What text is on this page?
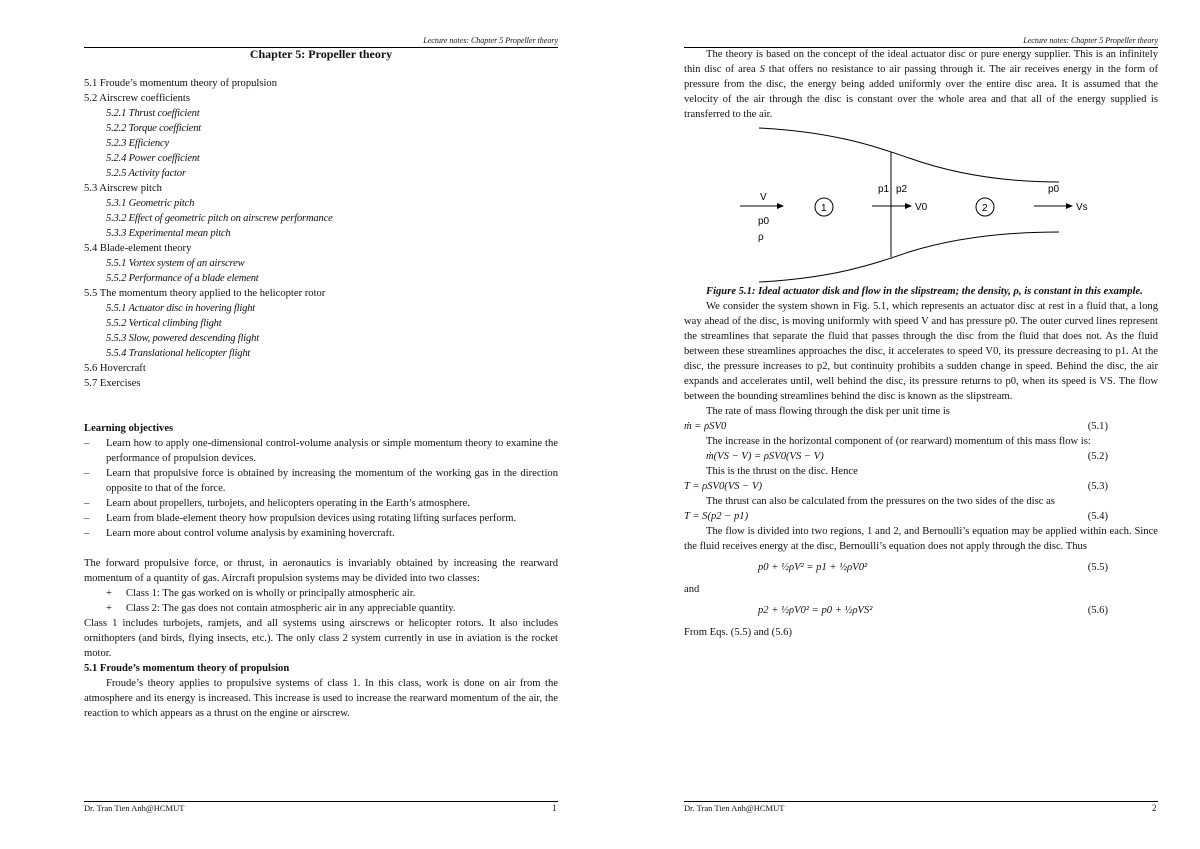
Lecture notes: Chapter 5 Propeller theory
Chapter 5: Propeller theory
5.1 Froude’s momentum theory of propulsion
5.2 Airscrew coefficients
5.2.1 Thrust coefficient
5.2.2 Torque coefficient
5.2.3 Efficiency
5.2.4 Power coefficient
5.2.5 Activity factor
5.3 Airscrew pitch
5.3.1 Geometric pitch
5.3.2 Effect of geometric pitch on airscrew performance
5.3.3 Experimental mean pitch
5.4 Blade-element theory
5.5.1 Vortex system of an airscrew
5.5.2 Performance of a blade element
5.5 The momentum theory applied to the helicopter rotor
5.5.1 Actuator disc in hovering flight
5.5.2 Vertical climbing flight
5.5.3 Slow, powered descending flight
5.5.4 Translational helicopter flight
5.6 Hovercraft
5.7 Exercises
Learning objectives
– Learn how to apply one-dimensional control-volume analysis or simple momentum theory to examine the performance of propulsion devices.
– Learn that propulsive force is obtained by increasing the momentum of the working gas in the direction opposite to that of the force.
– Learn about propellers, turbojets, and helicopters operating in the Earth’s atmosphere.
– Learn from blade-element theory how propulsion devices using rotating lifting surfaces perform.
– Learn more about control volume analysis by examining hovercraft.

The forward propulsive force, or thrust, in aeronautics is invariably obtained by increasing the rearward momentum of a quantity of gas. Aircraft propulsion systems may be divided into two classes:

+ Class 1: The gas worked on is wholly or principally atmospheric air.
+ Class 2: The gas does not contain atmospheric air in any appreciable quantity.

Class 1 includes turbojets, ramjets, and all systems using airscrews or helicopter rotors. It also includes ornithopters (and birds, flying insects, etc.). The only class 2 system currently in use in aviation is the rocket motor.

5.1 Froude’s momentum theory of propulsion

Froude’s theory applies to propulsive systems of class 1. In this class, work is done on air from the atmosphere and its energy is increased. This increase is used to increase the rearward momentum of the air, the reaction to which appears as a thrust on the engine or airscrew.

Dr. Tran Tien Anh@HCMUT	1
Lecture notes: Chapter 5 Propeller theory

The theory is based on the concept of the ideal actuator disc or pure energy supplier. This is an infinitely thin disc of area S that offers no resistance to air passing through it. The air receives energy in the form of pressure from the disc, the energy being added uniformly over the entire disc area. It is assumed that the velocity of the air through the disc is constant over the whole area and that all of the energy supplied is transferred to the air.

V
p0
ρ
1
p1 p2
V0	2
p0
Vs

Figure 5.1: Ideal actuator disk and flow in the slipstream; the density, ρ, is constant in this example.

We consider the system shown in Fig. 5.1, which represents an actuator disc at rest in a fluid that, a long way ahead of the disc, is moving uniformly with speed V and has pressure p0. The outer curved lines represent the streamlines that separate the fluid that passes through the disc from the fluid that does not. As the fluid between these streamlines approaches the disc, it accelerates to speed V0, its pressure decreasing to p1. At the disc, the pressure increases to p2, but continuity prohibits a sudden change in speed. Behind the disc, the air expands and accelerates until, well behind the disc, its pressure returns to p0, when its speed is VS. The flow between the bounding streamlines behind the disc is known as the slipstream.

The rate of mass flowing through the disk per unit time is

ṁ = ρSV0	(5.1)

The increase in the horizontal component of (or rearward) momentum of this mass flow is:

ṁ(VS − V) = ρSV0(VS − V)	(5.2)

This is the thrust on the disc. Hence

T = ρSV0(VS − V)	(5.3)

The thrust can also be calculated from the pressures on the two sides of the disc as

T = S(p2 − p1)	(5.4)

The flow is divided into two regions, 1 and 2, and Bernoulli’s equation may be applied within each. Since the fluid receives energy at the disc, Bernoulli’s equation does not apply through the disc. Thus

p0 + ½ρV² = p1 + ½ρV0²	(5.5)

and

p2 + ½ρV0² = p0 + ½ρVS²	(5.6)

From Eqs. (5.5) and (5.6)

Dr. Tran Tien Anh@HCMUT	2
